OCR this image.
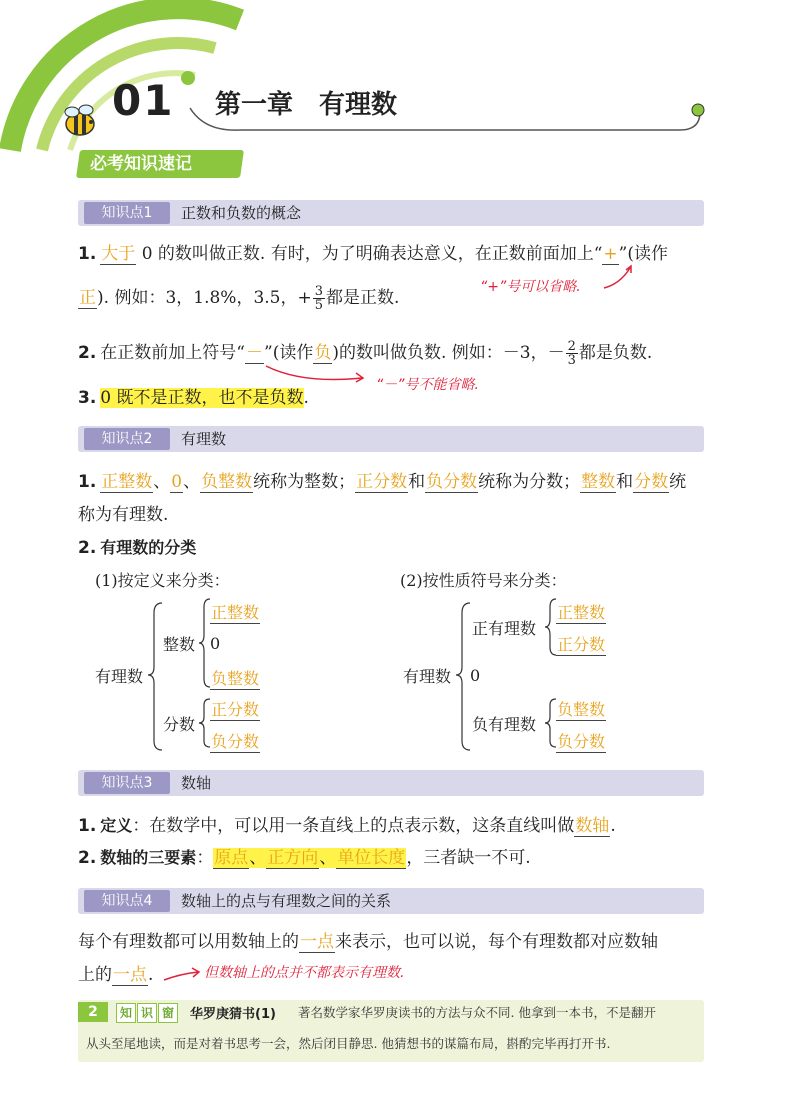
01 第一章　有理数
必考知识速记
知识点1	正数和负数的概念
1. 大于 0 的数叫做正数. 有时，为了明确表达意义，在正数前面加上“+”(读作
正). 例如：3，1.8%，3.5，+ $\frac{3}{5}$ 都是正数.
“+”号可以省略.
2. 在正数前加上符号“－”(读作负)的数叫做负数. 例如：－3，－ $\frac{2}{3}$ 都是负数.
“－”号不能省略.
3. 0 既不是正数，也不是负数.
知识点2	有理数
1. 正整数、0、负整数统称为整数；正分数和负分数统称为分数；整数和分数统
称为有理数.
2. 有理数的分类
(1)按定义来分类：	(2)按性质符号来分类：
有理数
整数
正整数
0
负整数
分数
正分数
负分数
有理数
正有理数
正整数
正分数
0
负有理数
负整数
负分数
知识点3	数轴
1. 定义：在数学中，可以用一条直线上的点表示数，这条直线叫做数轴.
2. 数轴的三要素：原点、正方向、单位长度，三者缺一不可.
知识点4	数轴上的点与有理数之间的关系
每个有理数都可以用数轴上的一点来表示，也可以说，每个有理数都对应数轴
上的一点.	但数轴上的点并不都表示有理数.
2	知 识 窗	华罗庚猜书(1) 著名数学家华罗庚读书的方法与众不同. 他拿到一本书，不是翻开
从头至尾地读，而是对着书思考一会，然后闭目静思. 他猜想书的谋篇布局，斟酌完毕再打开书.
